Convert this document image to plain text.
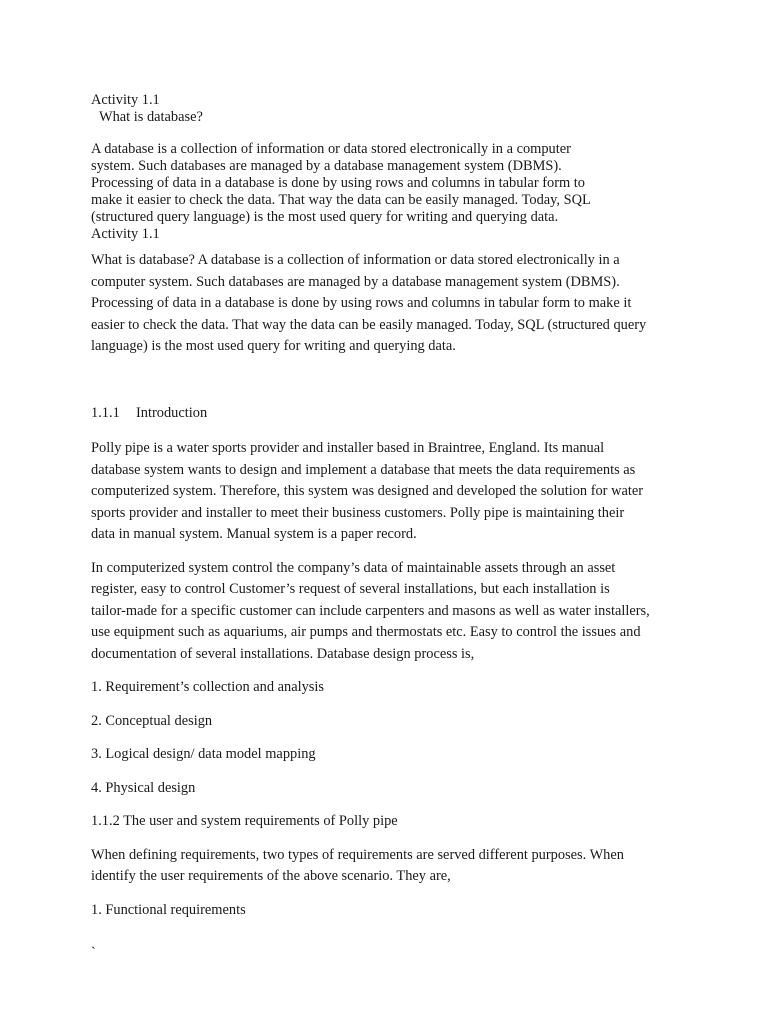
Activity 1.1
What is database?
A database is a collection of information or data stored electronically in a computer
system. Such databases are managed by a database management system (DBMS).
Processing of data in a database is done by using rows and columns in tabular form to
make it easier to check the data. That way the data can be easily managed. Today, SQL
(structured query language) is the most used query for writing and querying data.
Activity 1.1
What is database? A database is a collection of information or data stored electronically in a
computer system. Such databases are managed by a database management system (DBMS).
Processing of data in a database is done by using rows and columns in tabular form to make it
easier to check the data. That way the data can be easily managed. Today, SQL (structured query
language) is the most used query for writing and querying data.
1.1.1 Introduction
Polly pipe is a water sports provider and installer based in Braintree, England. Its manual
database system wants to design and implement a database that meets the data requirements as
computerized system. Therefore, this system was designed and developed the solution for water
sports provider and installer to meet their business customers. Polly pipe is maintaining their
data in manual system. Manual system is a paper record.
In computerized system control the company’s data of maintainable assets through an asset
register, easy to control Customer’s request of several installations, but each installation is
tailor-made for a specific customer can include carpenters and masons as well as water installers,
use equipment such as aquariums, air pumps and thermostats etc. Easy to control the issues and
documentation of several installations. Database design process is,
1. Requirement’s collection and analysis
2. Conceptual design
3. Logical design/ data model mapping
4. Physical design
1.1.2 The user and system requirements of Polly pipe
When defining requirements, two types of requirements are served different purposes. When
identify the user requirements of the above scenario. They are,
1. Functional requirements
`
